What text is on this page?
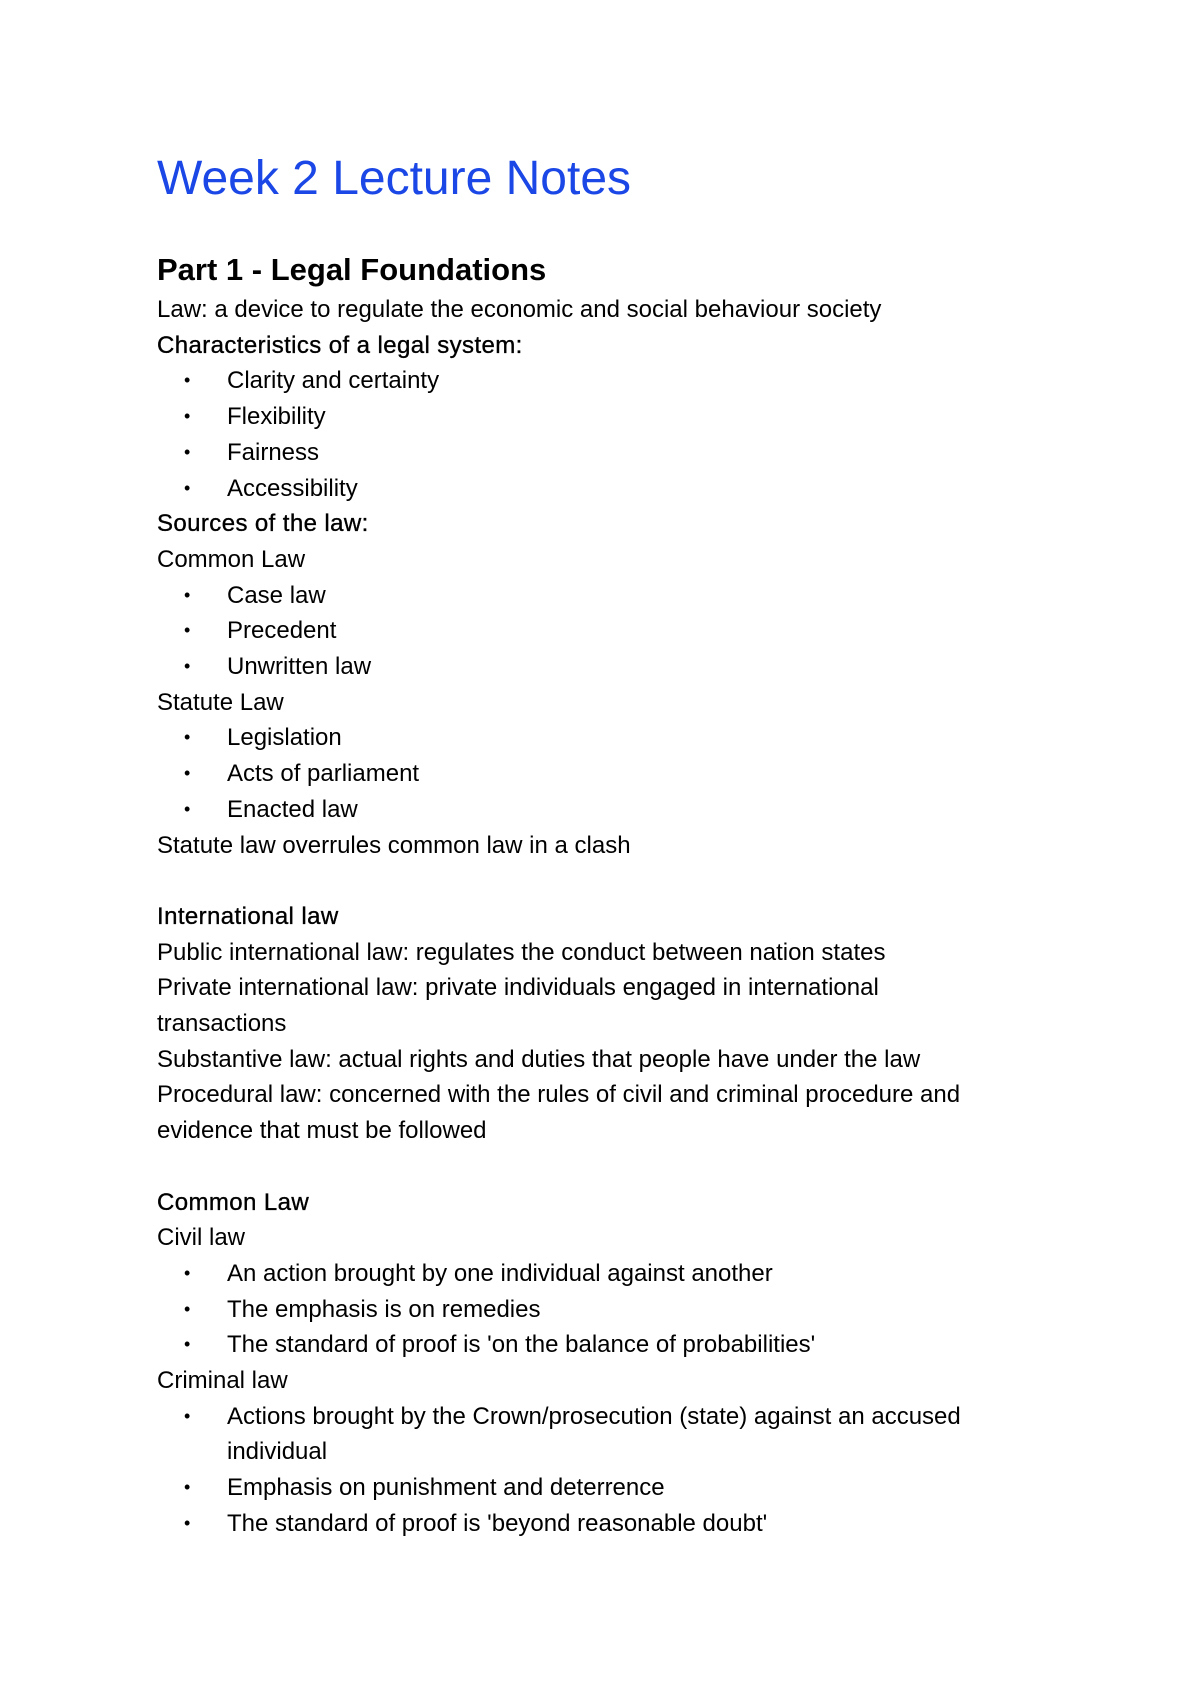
Week 2 Lecture Notes
Part 1 - Legal Foundations

Law: a device to regulate the economic and social behaviour society

Characteristics of a legal system:

• Clarity and certainty
• Flexibility
• Fairness
• Accessibility

Sources of the law:

Common Law

• Case law
• Precedent
• Unwritten law

Statute Law

• Legislation
• Acts of parliament
• Enacted law

Statute law overrules common law in a clash

International law

Public international law: regulates the conduct between nation states

Private international law: private individuals engaged in international

transactions

Substantive law: actual rights and duties that people have under the law

Procedural law: concerned with the rules of civil and criminal procedure and

evidence that must be followed

Common Law

Civil law

• An action brought by one individual against another
• The emphasis is on remedies
• The standard of proof is 'on the balance of probabilities'

Criminal law

• Actions brought by the Crown/prosecution (state) against an accused
individual
• Emphasis on punishment and deterrence
• The standard of proof is 'beyond reasonable doubt'
